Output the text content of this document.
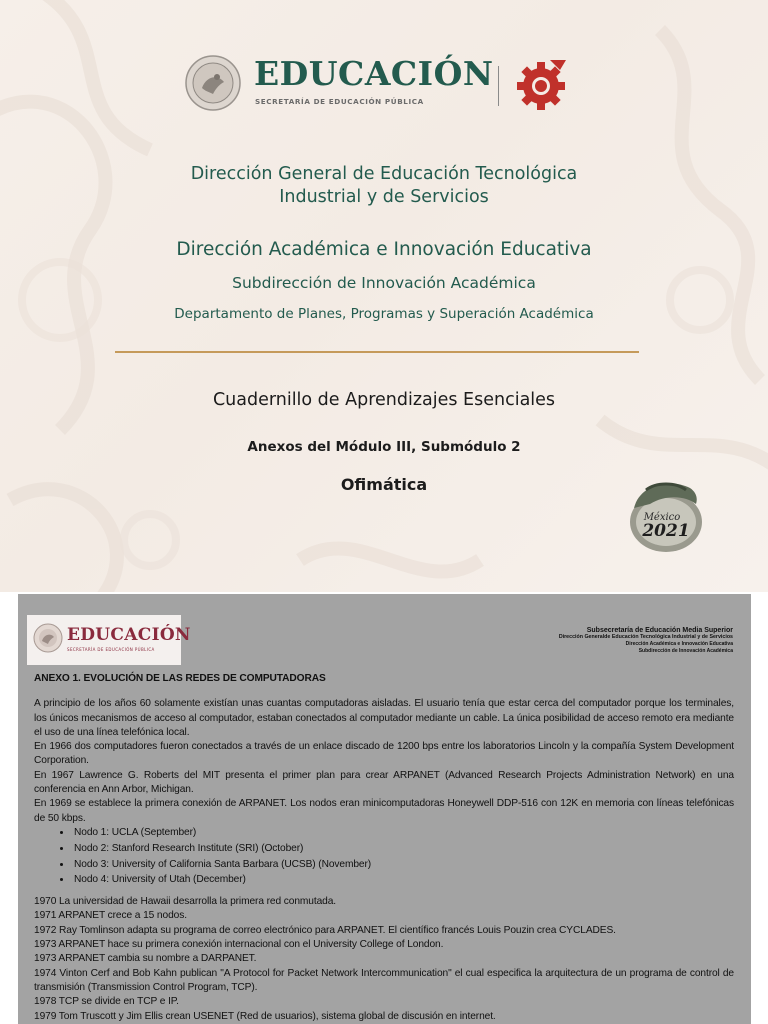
EDUCACIÓN
SECRETARÍA DE EDUCACIÓN PÚBLICA
Dirección General de Educación Tecnológica
Industrial y de Servicios
Dirección Académica e Innovación Educativa
Subdirección de Innovación Académica
Departamento de Planes, Programas y Superación Académica
Cuadernillo de Aprendizajes Esenciales
Anexos del Módulo III, Submódulo 2
Ofimática
México
2021
EDUCACIÓN
SECRETARÍA DE EDUCACIÓN PÚBLICA
Subsecretaría de Educación Media Superior
Dirección Generalde Educación Tecnológica Industrial y de Servicios
Dirección Académica e Innovación Educativa
Subdirección de Innovación Académica
ANEXO 1. EVOLUCIÓN DE LAS REDES DE COMPUTADORAS

A principio de los años 60 solamente existían unas cuantas computadoras aisladas. El usuario tenía que estar cerca del computador porque los terminales, los únicos mecanismos de acceso al computador, estaban conectados al computador mediante un cable. La única posibilidad de acceso remoto era mediante el uso de una línea telefónica local.

En 1966 dos computadores fueron conectados a través de un enlace discado de 1200 bps entre los laboratorios Lincoln y la compañía System Development Corporation.

En 1967 Lawrence G. Roberts del MIT presenta el primer plan para crear ARPANET (Advanced Research Projects Administration Network) en una conferencia en Ann Arbor, Michigan.

En 1969 se establece la primera conexión de ARPANET. Los nodos eran minicomputadoras Honeywell DDP-516 con 12K en memoria con líneas telefónicas de 50 kbps.

• Nodo 1: UCLA (September)
• Nodo 2: Stanford Research Institute (SRI) (October)
• Nodo 3: University of California Santa Barbara (UCSB) (November)
• Nodo 4: University of Utah (December)

1970 La universidad de Hawaii desarrolla la primera red conmutada.

1971 ARPANET crece a 15 nodos.

1972 Ray Tomlinson adapta su programa de correo electrónico para ARPANET. El científico francés Louis Pouzin crea CYCLADES.

1973 ARPANET hace su primera conexión internacional con el University College of London.

1973 ARPANET cambia su nombre a DARPANET.

1974 Vinton Cerf and Bob Kahn publican "A Protocol for Packet Network Intercommunication" el cual especifica la arquitectura de un programa de control de transmisión (Transmission Control Program, TCP).

1978 TCP se divide en TCP e IP.

1979 Tom Truscott y Jim Ellis crean USENET (Red de usuarios), sistema global de discusión en internet.
